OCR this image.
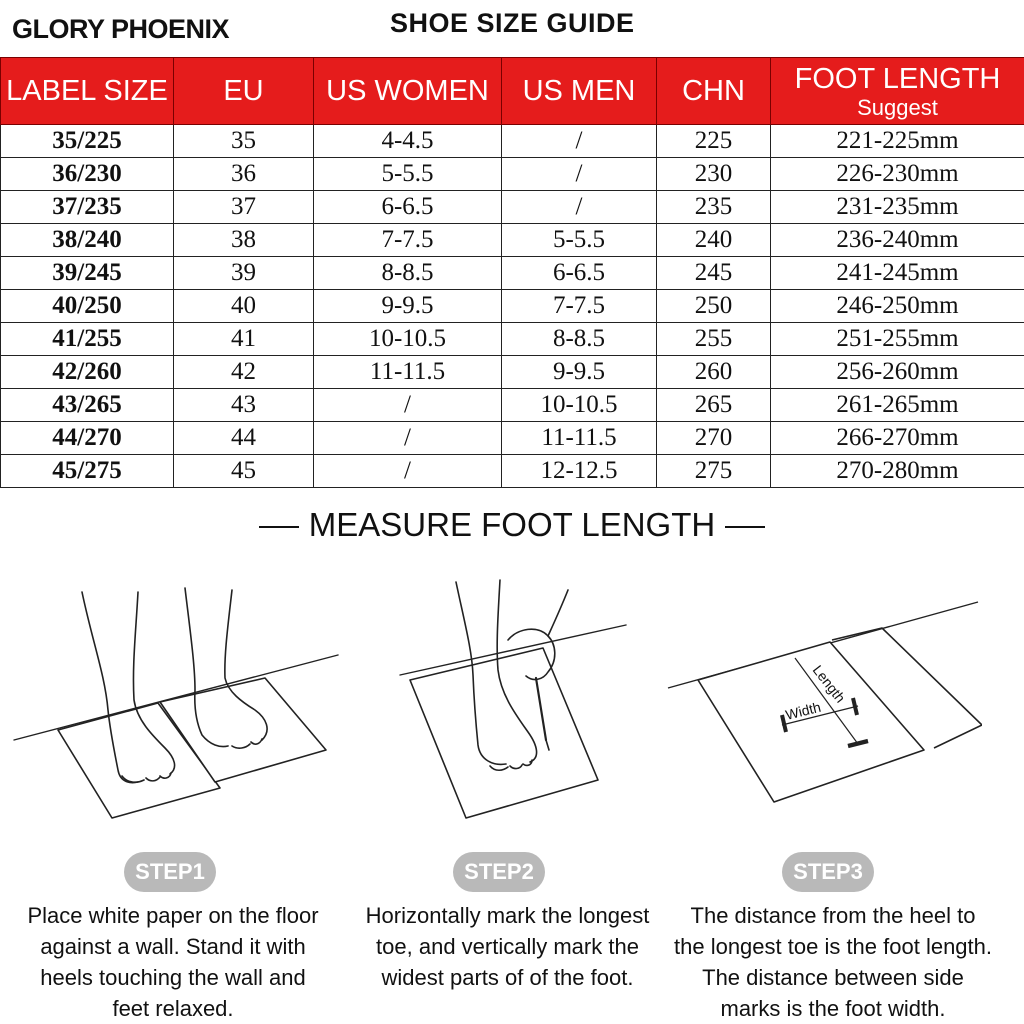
GLORY PHOENIX	SHOE SIZE GUIDE
LABEL SIZE	EU	US WOMEN	US MEN	CHN	FOOT LENGTH
Suggest

35/225	35	4-4.5	/	225	221-225mm
36/230	36	5-5.5	/	230	226-230mm
37/235	37	6-6.5	/	235	231-235mm
38/240	38	7-7.5	5-5.5	240	236-240mm
39/245	39	8-8.5	6-6.5	245	241-245mm
40/250	40	9-9.5	7-7.5	250	246-250mm
41/255	41	10-10.5	8-8.5	255	251-255mm
42/260	42	11-11.5	9-9.5	260	256-260mm
43/265	43	/	10-10.5	265	261-265mm
44/270	44	/	11-11.5	270	266-270mm
45/275	45	/	12-12.5	275	270-280mm
MEASURE FOOT LENGTH
Length
Width
STEP1	STEP2	STEP3
Place white paper on the floor against a wall. Stand it with heels touching the wall and feet relaxed.
Horizontally mark the longest toe, and vertically mark the widest parts of of the foot.
The distance from the heel to the longest toe is the foot length. The distance between side marks is the foot width.
